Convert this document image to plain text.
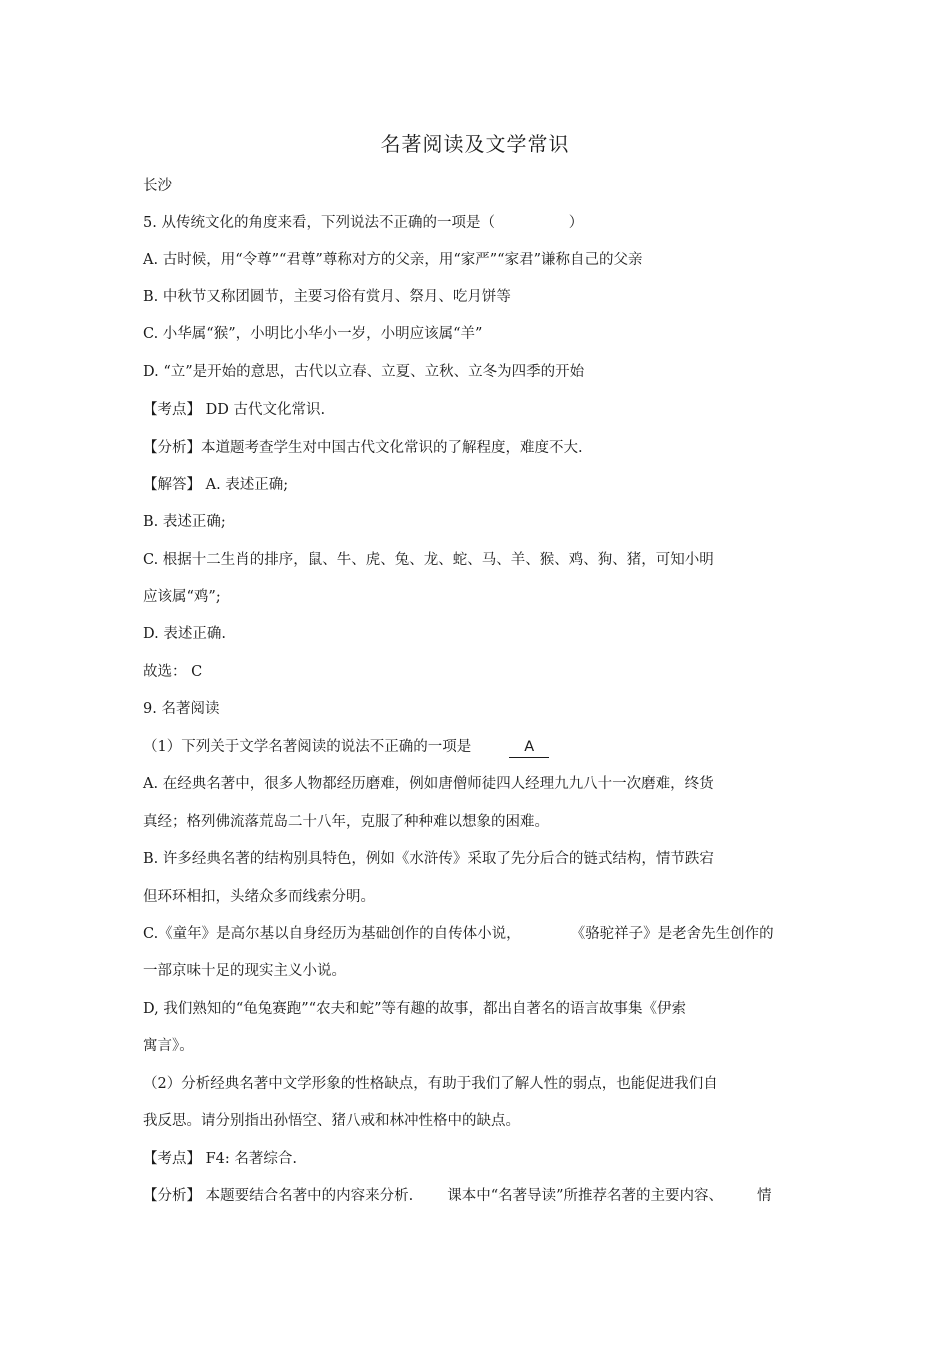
名著阅读及文学常识
长沙
5. 从传统文化的角度来看，下列说法不正确的一项是（                ）
A. 古时候，用“令尊”“君尊”尊称对方的父亲，用“家严”“家君”谦称自己的父亲
B. 中秋节又称团圆节，主要习俗有赏月、祭月、吃月饼等
C. 小华属“猴”，小明比小华小一岁，小明应该属“羊”
D. “立”是开始的意思，古代以立春、立夏、立秋、立冬为四季的开始
【考点】 DD 古代文化常识.
【分析】本道题考查学生对中国古代文化常识的了解程度，难度不大.
【解答】 A. 表述正确;
B. 表述正确;
C. 根据十二生肖的排序，鼠、牛、虎、兔、龙、蛇、马、羊、猴、鸡、狗、猪，可知小明
应该属“鸡”;
D. 表述正确.
故选： C
9. 名著阅读
（1）下列关于文学名著阅读的说法不正确的一项是	A
A. 在经典名著中，很多人物都经历磨难，例如唐僧师徒四人经理九九八十一次磨难，终货
真经；格列佛流落荒岛二十八年，克服了种种难以想象的困难。
B. 许多经典名著的结构别具特色，例如《水浒传》采取了先分后合的链式结构，情节跌宕
但环环相扣，头绪众多而线索分明。
C.《童年》是高尔基以自身经历为基础创作的自传体小说，	《骆驼祥子》是老舍先生创作的
一部京味十足的现实主义小说。
D, 我们熟知的“龟兔赛跑”“农夫和蛇”等有趣的故事，都出自著名的语言故事集《伊索
寓言》。
（2）分析经典名著中文学形象的性格缺点，有助于我们了解人性的弱点，也能促进我们自
我反思。请分别指出孙悟空、猪八戒和林冲性格中的缺点。
【考点】 F4: 名著综合.
【分析】 本题要结合名著中的内容来分析. 课本中“名著导读”所推荐名著的主要内容、 情
